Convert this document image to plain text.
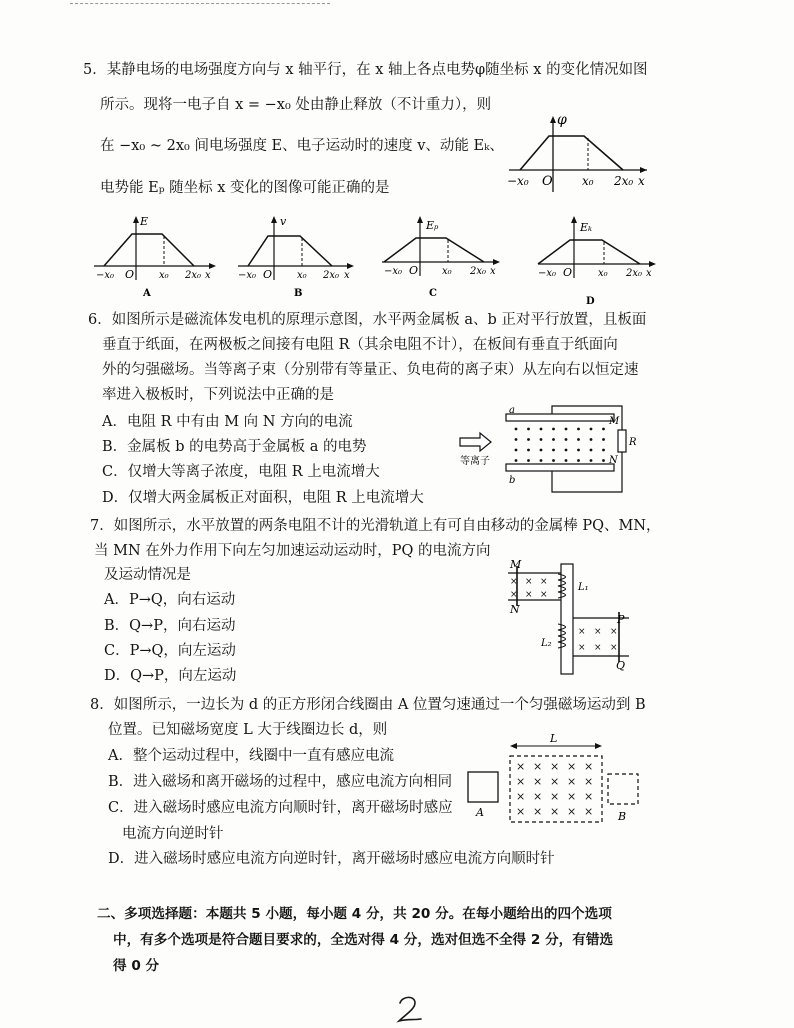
5．某静电场的电场强度方向与 x 轴平行，在 x 轴上各点电势φ随坐标 x 的变化情况如图
所示。现将一电子自 x = −x₀ 处由静止释放（不计重力），则
在 −x₀ ~ 2x₀ 间电场强度 E、电子运动时的速度 v、动能 Eₖ、
电势能 Eₚ 随坐标 x 变化的图像可能正确的是
φ
−x₀ O x₀ 2x₀ x
E
−x₀ O x₀ 2x₀ x
A
v
−x₀ O x₀ 2x₀ x
B
Eₚ
−x₀ O x₀ 2x₀ x
C
Eₖ
−x₀ O	x₀ 2x₀ x
D
6．如图所示是磁流体发电机的原理示意图，水平两金属板 a、b 正对平行放置，且板面
垂直于纸面，在两极板之间接有电阻 R（其余电阻不计），在板间有垂直于纸面向
外的匀强磁场。当等离子束（分别带有等量正、负电荷的离子束）从左向右以恒定速
率进入极板时，下列说法中正确的是
A．电阻 R 中有由 M 向 N 方向的电流
B．金属板 b 的电势高于金属板 a 的电势
C．仅增大等离子浓度，电阻 R 上电流增大
D．仅增大两金属板正对面积，电阻 R 上电流增大
等离子
a
b
M
N
R
7．如图所示，水平放置的两条电阻不计的光滑轨道上有可自由移动的金属棒 PQ、MN，
当 MN 在外力作用下向左匀加速运动运动时，PQ 的电流方向
及运动情况是
A．P→Q，向右运动
B．Q→P，向右运动
C．P→Q，向左运动
D．Q→P，向左运动
× × ×
× × ×
× × ×
× × ×
M
N
P
Q
L₁
L₂
8．如图所示，一边长为 d 的正方形闭合线圈由 A 位置匀速通过一个匀强磁场运动到 B
位置。已知磁场宽度 L 大于线圈边长 d，则
A．整个运动过程中，线圈中一直有感应电流
B．进入磁场和离开磁场的过程中，感应电流方向相同
C．进入磁场时感应电流方向顺时针，离开磁场时感应
电流方向逆时针
D．进入磁场时感应电流方向逆时针，离开磁场时感应电流方向顺时针
L
× × × × ×
× × × × ×
× × × × ×
× × × × ×
A	B
二、多项选择题：本题共 5 小题，每小题 4 分，共 20 分。在每小题给出的四个选项
中，有多个选项是符合题目要求的，全选对得 4 分，选对但选不全得 2 分，有错选
得 0 分
2
